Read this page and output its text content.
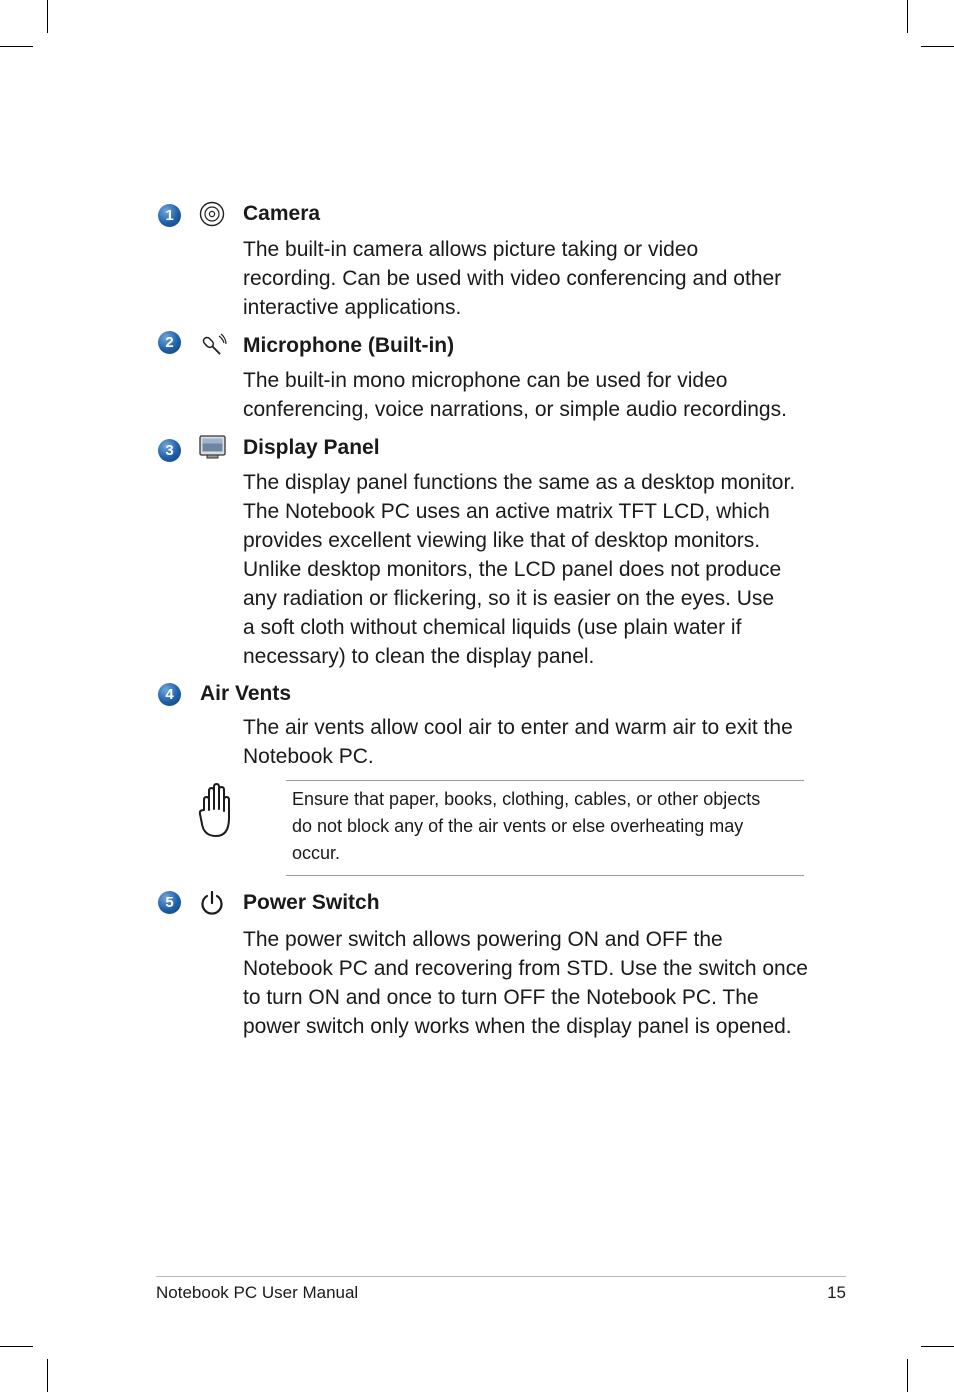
1	Camera
The built-in camera allows picture taking or video
recording. Can be used with video conferencing and other
interactive applications.
2	Microphone (Built-in)
The built-in mono microphone can be used for video
conferencing, voice narrations, or simple audio recordings.
3	Display Panel
The display panel functions the same as a desktop monitor.
The Notebook PC uses an active matrix TFT LCD, which
provides excellent viewing like that of desktop monitors.
Unlike desktop monitors, the LCD panel does not produce
any radiation or flickering, so it is easier on the eyes. Use
a soft cloth without chemical liquids (use plain water if
necessary) to clean the display panel.
4	Air Vents
The air vents allow cool air to enter and warm air to exit the
Notebook PC.
Ensure that paper, books, clothing, cables, or other objects
do not block any of the air vents or else overheating may
occur.
5	Power Switch
The power switch allows powering ON and OFF the
Notebook PC and recovering from STD. Use the switch once
to turn ON and once to turn OFF the Notebook PC. The
power switch only works when the display panel is opened.
Notebook PC User Manual	15
